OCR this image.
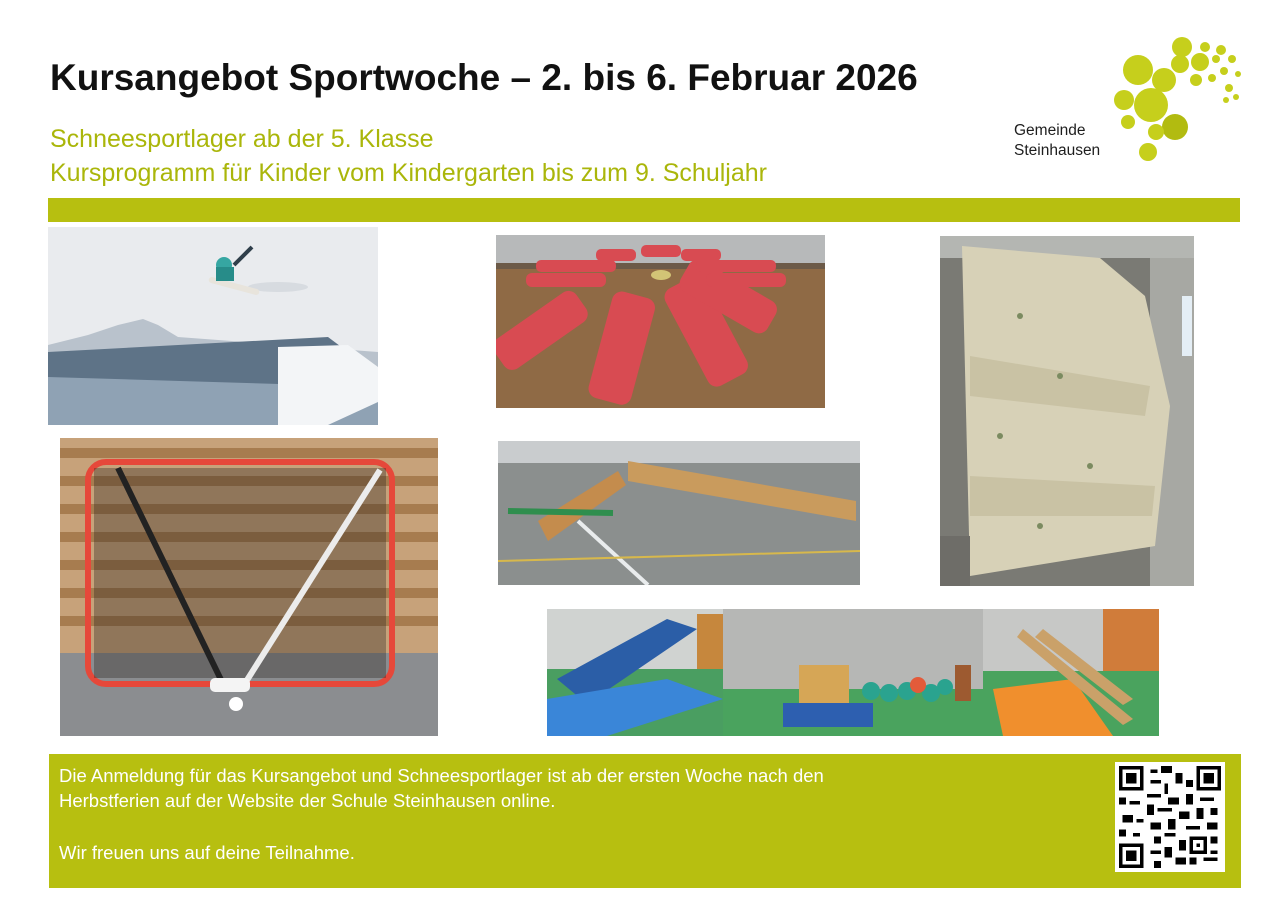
Kursangebot Sportwoche – 2. bis 6. Februar 2026
Schneesportlager ab der 5. Klasse
Kursprogramm für Kinder vom Kindergarten bis zum 9. Schuljahr
Gemeinde
Steinhausen

Die Anmeldung für das Kursangebot und Schneesportlager ist ab der ersten Woche nach den

Herbstferien auf der Website der Schule Steinhausen online.

Wir freuen uns auf deine Teilnahme.
